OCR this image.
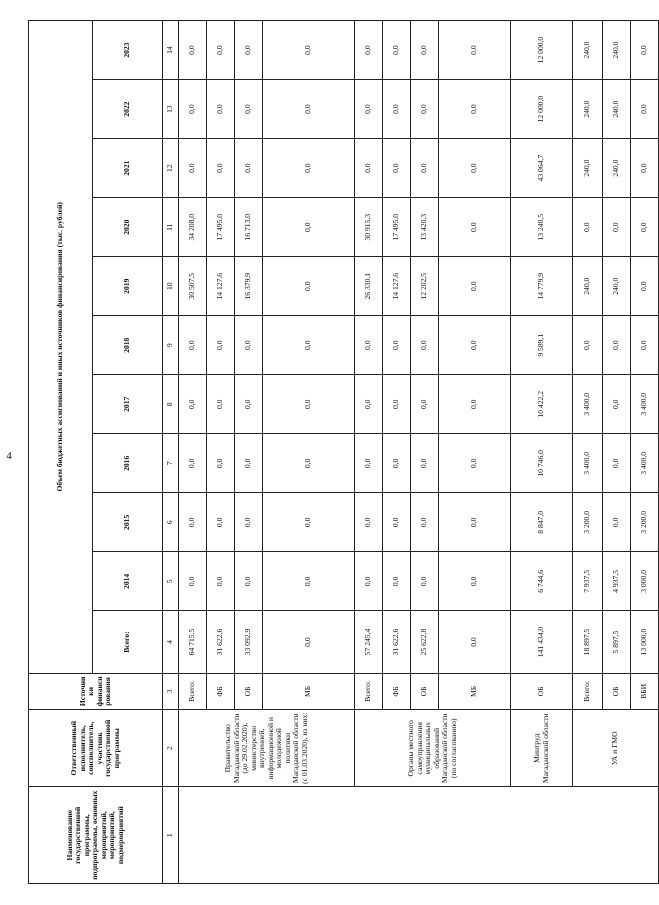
4
Наименование государственной программы, подпрограммы, основных мероприятий, мероприятий, подмероприятий	Ответственный исполнитель, соисполнитель, участник государственной программы	Источники финансирования	Объем бюджетных ассигнований и иных источников финансирования (тыс. рублей)										
			Всего:	2014	2015	2016	2017	2018	2019	2020	2021	2022	2023
1	2	3	4	5	6	7	8	9	10	11	12	13	14
	Правительство Магаданской области (до 29.02.2020), министерство внутренней, информационной и молодежной политики Магаданской области (с 01.03.2020), из них:	Всего:	64 715,5	0,0	0,0	0,0	0,0	0,0	30 507,5	34 208,0	0,0	0,0	0,0
		ФБ	31 622,6	0,0	0,0	0,0	0,0	0,0	14 127,6	17 495,0	0,0	0,0	0,0
		ОБ	33 092,9	0,0	0,0	0,0	0,0	0,0	16 379,9	16 713,0	0,0	0,0	0,0
		МБ	0,0	0,0	0,0	0,0	0,0	0,0	0,0	0,0	0,0	0,0	0,0
	Органы местного самоуправления муниципальных образований Магаданской области (по согласованию)	Всего:	57 245,4	0,0	0,0	0,0	0,0	0,0	26 330,1	30 915,3	0,0	0,0	0,0
		ФБ	31 622,6	0,0	0,0	0,0	0,0	0,0	14 127,6	17 495,0	0,0	0,0	0,0
		ОБ	25 622,8	0,0	0,0	0,0	0,0	0,0	12 202,5	13 420,3	0,0	0,0	0,0
		МБ	0,0	0,0	0,0	0,0	0,0	0,0	0,0	0,0	0,0	0,0	0,0
	Минтруд Магаданской области	ОБ	141 434,0	6 744,6	8 847,0	10 746,0	10 422,2	9 589,1	14 779,9	13 240,5	43 064,7	12 000,0	12 000,0
	УА и ГМО	Всего:	18 897,5	7 937,5	3 200,0	3 400,0	3 400,0	0,0	240,0	0,0	240,0	240,0	240,0
		ОБ	5 897,5	4 937,5	0,0	0,0	0,0	0,0	240,0	0,0	240,0	240,0	240,0
		ВБИ	13 000,0	3 000,0	3 200,0	3 400,0	3 400,0	0,0	0,0	0,0	0,0	0,0	0,0
